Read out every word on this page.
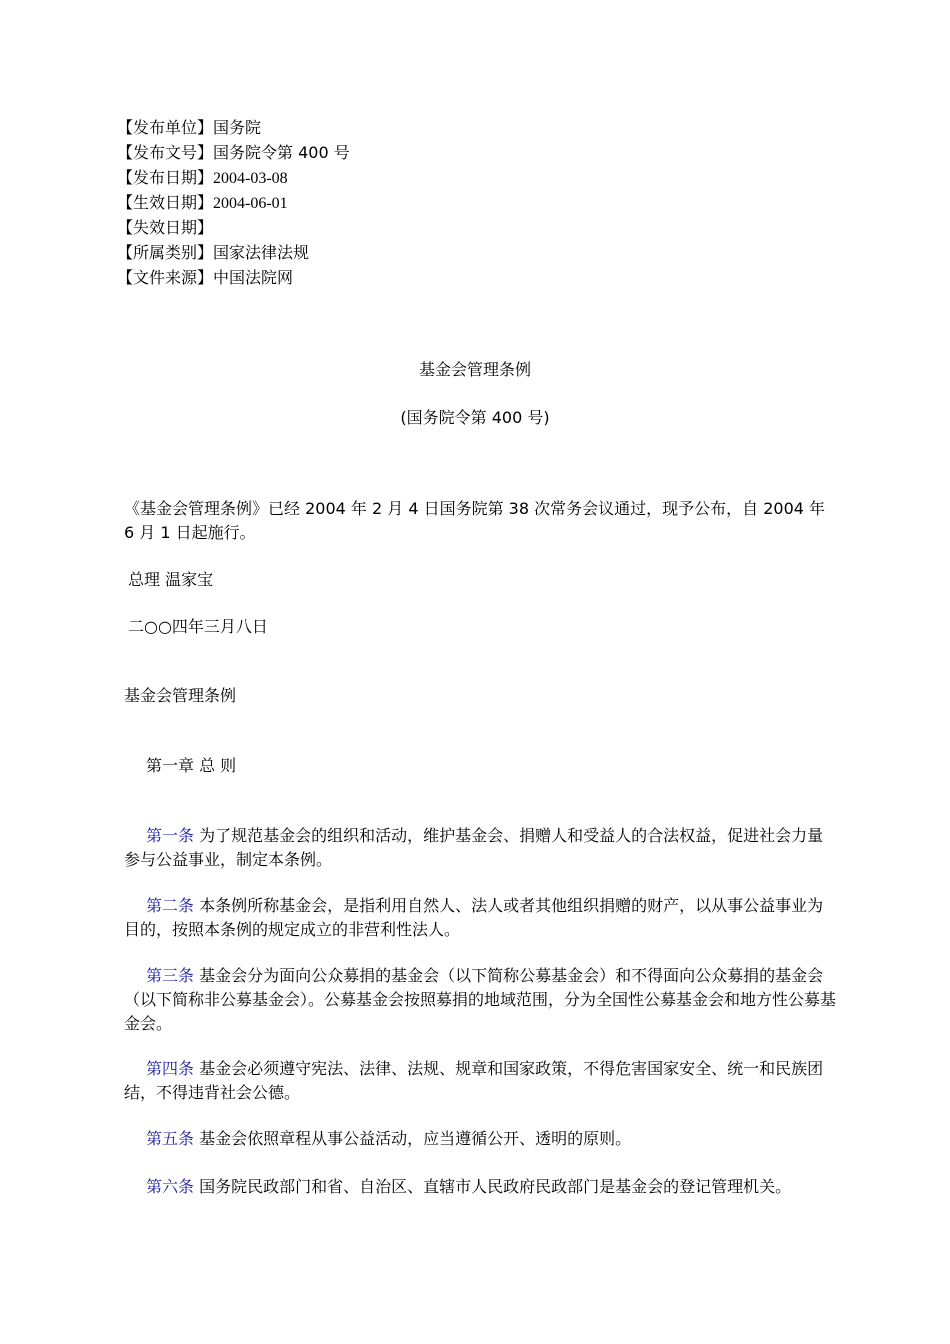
【发布单位】国务院
【发布文号】国务院令第 400 号
【发布日期】2004-03-08
【生效日期】2004-06-01
【失效日期】
【所属类别】国家法律法规
【文件来源】中国法院网
基金会管理条例
(国务院令第 400 号)
《基金会管理条例》已经 2004 年 2 月 4 日国务院第 38 次常务会议通过，现予公布，自 2004 年 6 月 1 日起施行。
总理 温家宝
二○○四年三月八日
基金会管理条例
第一章 总 则
第一条 为了规范基金会的组织和活动，维护基金会、捐赠人和受益人的合法权益，促进社会力量参与公益事业，制定本条例。
第二条 本条例所称基金会，是指利用自然人、法人或者其他组织捐赠的财产，以从事公益事业为目的，按照本条例的规定成立的非营利性法人。
第三条 基金会分为面向公众募捐的基金会（以下简称公募基金会）和不得面向公众募捐的基金会（以下简称非公募基金会）。公募基金会按照募捐的地域范围，分为全国性公募基金会和地方性公募基金会。
第四条 基金会必须遵守宪法、法律、法规、规章和国家政策，不得危害国家安全、统一和民族团结，不得违背社会公德。
第五条 基金会依照章程从事公益活动，应当遵循公开、透明的原则。
第六条 国务院民政部门和省、自治区、直辖市人民政府民政部门是基金会的登记管理机关。
